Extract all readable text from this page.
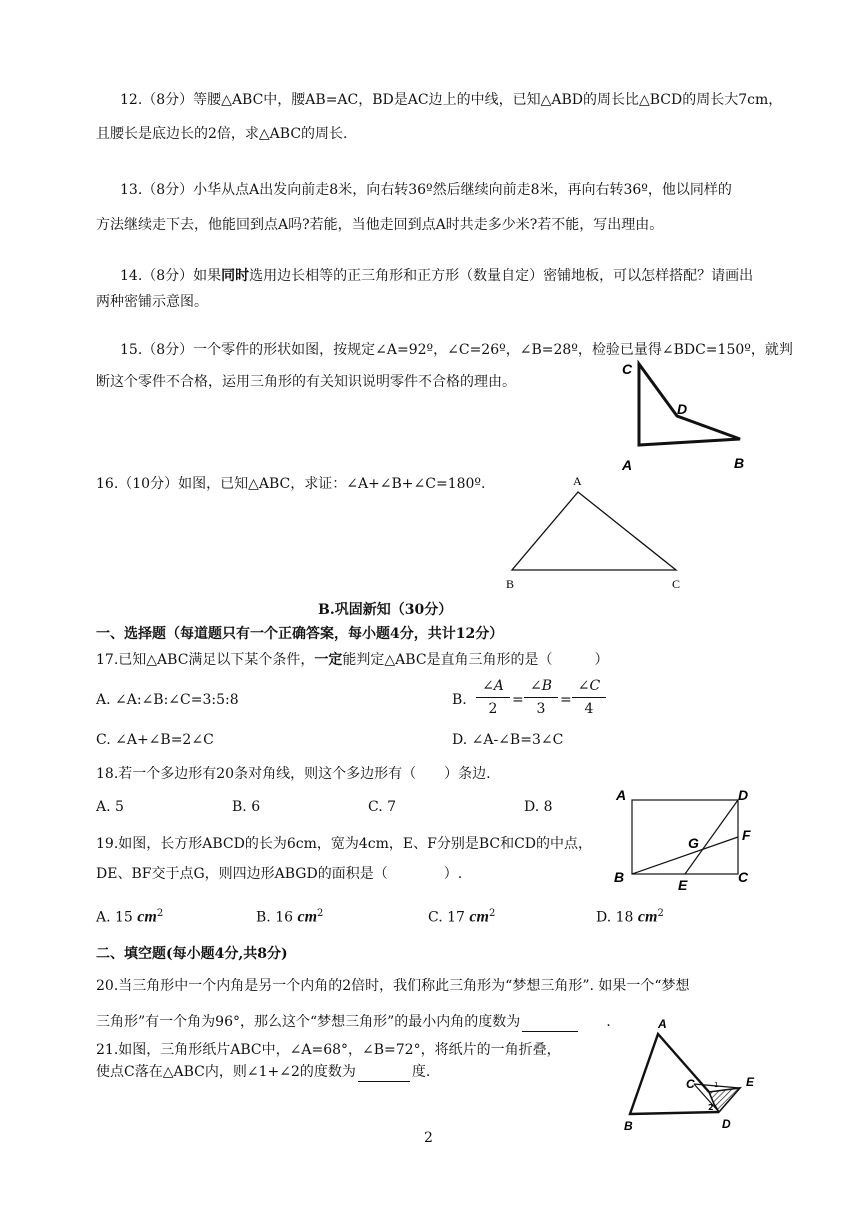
12.（8分）等腰△ABC中，腰AB=AC，BD是AC边上的中线，已知△ABD的周长比△BCD的周长大7cm，
且腰长是底边长的2倍，求△ABC的周长.
13.（8分）小华从点A出发向前走8米，向右转36º然后继续向前走8米，再向右转36º，他以同样的
方法继续走下去，他能回到点A吗?若能，当他走回到点A时共走多少米?若不能，写出理由。
14.（8分）如果同时选用边长相等的正三角形和正方形（数量自定）密铺地板，可以怎样搭配？请画出
两种密铺示意图。
15.（8分）一个零件的形状如图，按规定∠A=92º，∠C=26º，∠B=28º，检验已量得∠BDC=150º，就判
断这个零件不合格，运用三角形的有关知识说明零件不合格的理由。
C
D
A	B
16.（10分）如图，已知△ABC，求证：∠A+∠B+∠C=180º.	A
B	C
B.巩固新知（30分）
一、选择题（每道题只有一个正确答案，每小题4分，共计12分）
17.已知△ABC满足以下某个条件，一定能判定△ABC是直角三角形的是（　　　）
A. ∠A:∠B:∠C=3:5:8	B.
∠A
2
=
∠B
3
=
∠C
4
C. ∠A+∠B=2∠C	D. ∠A-∠B=3∠C
18.若一个多边形有20条对角线，则这个多边形有（　　）条边.
A. 5	B. 6	C. 7	D. 8
A	D
G	F
B	E	C
19.如图，长方形ABCD的长为6cm，宽为4cm，E、F分别是BC和CD的中点，
DE、BF交于点G，则四边形ABGD的面积是（　　　　）.
A. 15 $cm^2$	B. 16 $cm^2$	C. 17 $cm^2$	D. 18 $cm^2$
二、填空题(每小题4分,共8分)
20.当三角形中一个内角是另一个内角的2倍时，我们称此三角形为“梦想三角形”. 如果一个“梦想
三角形”有一个角为96°，那么这个“梦想三角形”的最小内角的度数为	.
21.如图，三角形纸片ABC中，∠A=68°，∠B=72°，将纸片的一角折叠，
使点C落在△ABC内，则∠1+∠2的度数为	度.
A
C	E
B	D
1
2
2
